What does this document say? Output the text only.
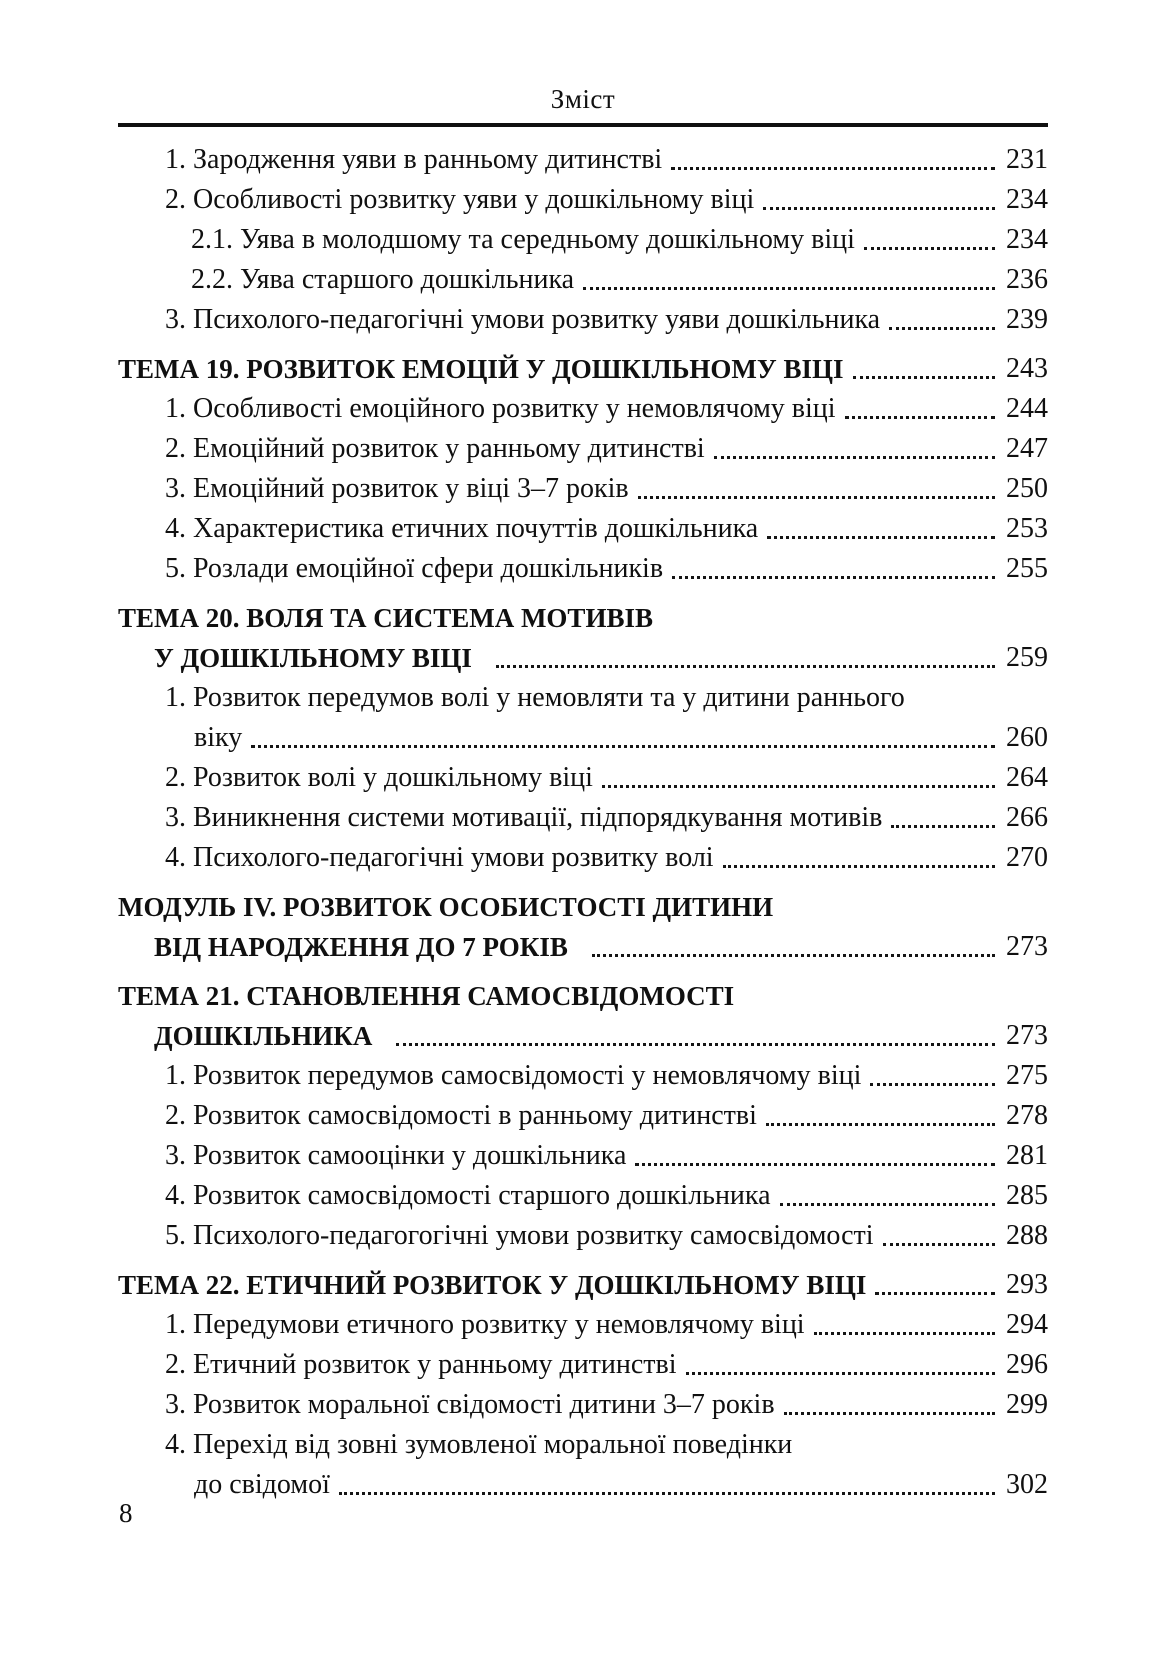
Зміст
1. Зародження уяви в ранньому дитинстві	231
2. Особливості розвитку уяви у дошкільному віці	234
2.1. Уява в молодшому та середньому дошкільному віці	234
2.2. Уява старшого дошкільника	236
3. Психолого-педагогічні умови розвитку уяви дошкільника	239
ТЕМА 19. РОЗВИТОК ЕМОЦІЙ У ДОШКІЛЬНОМУ ВІЦІ	243
1. Особливості емоційного розвитку у немовлячому віці	244
2. Емоційний розвиток у ранньому дитинстві	247
3. Емоційний розвиток у віці 3–7 років	250
4. Характеристика етичних почуттів дошкільника	253
5. Розлади емоційної сфери дошкільників	255
ТЕМА 20. ВОЛЯ ТА СИСТЕМА МОТИВІВ
У ДОШКІЛЬНОМУ ВІЦІ	259
1. Розвиток передумов волі у немовляти та у дитини раннього
віку	260
2. Розвиток волі у дошкільному віці	264
3. Виникнення системи мотивації, підпорядкування мотивів	266
4. Психолого-педагогічні умови розвитку волі	270
МОДУЛЬ IV. РОЗВИТОК ОСОБИСТОСТІ ДИТИНИ
ВІД НАРОДЖЕННЯ ДО 7 РОКІВ	273
ТЕМА 21. СТАНОВЛЕННЯ САМОСВІДОМОСТІ
ДОШКІЛЬНИКА	273
1. Розвиток передумов самосвідомості у немовлячому віці	275
2. Розвиток самосвідомості в ранньому дитинстві	278
3. Розвиток самооцінки у дошкільника	281
4. Розвиток самосвідомості старшого дошкільника	285
5. Психолого-педагогогічні умови розвитку самосвідомості	288
ТЕМА 22. ЕТИЧНИЙ РОЗВИТОК У ДОШКІЛЬНОМУ ВІЦІ	293
1. Передумови етичного розвитку у немовлячому віці	294
2. Етичний розвиток у ранньому дитинстві	296
3. Розвиток моральної свідомості дитини 3–7 років	299
4. Перехід від зовні зумовленої моральної поведінки
до свідомої	302
8
